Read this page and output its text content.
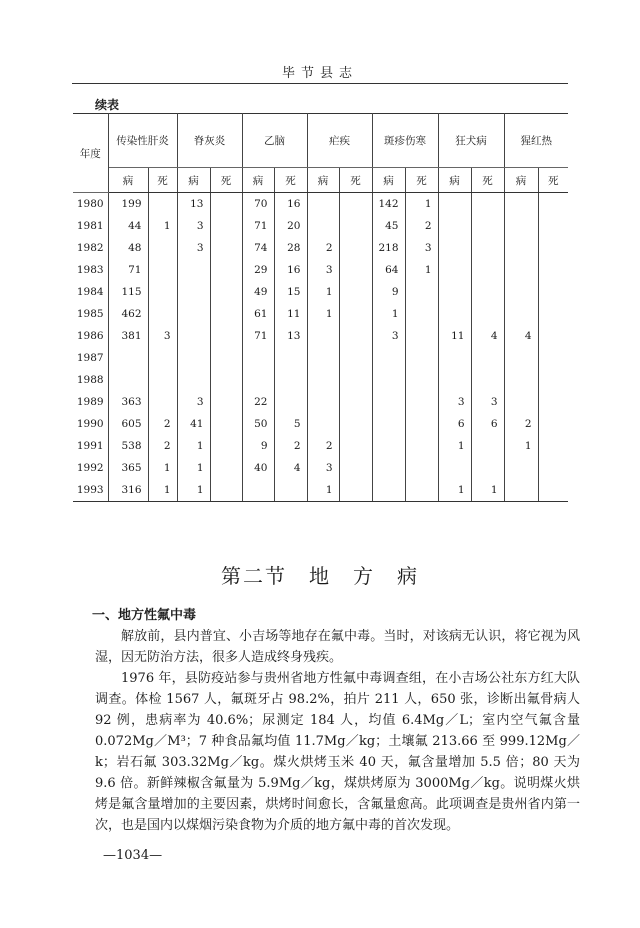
毕节县志
续表
年度	传染性肝炎		脊灰炎		乙脑		疟疾		斑疹伤寒		狂犬病		猩红热	
	病	死	病	死	病	死	病	死	病	死	病	死	病	死
1980	199		13		70	16			142	1				
1981	44	1	3		71	20			45	2				
1982	48		3		74	28	2		218	3				
1983	71				29	16	3		64	1				
1984	115				49	15	1		9					
1985	462				61	11	1		1					
1986	381	3			71	13			3		11	4	4	
1987														
1988														
1989	363		3		22						3	3		
1990	605	2	41		50	5					6	6	2	
1991	538	2	1		9	2	2				1		1	
1992	365	1	1		40	4	3							
1993	316	1	1				1				1	1		
第二节　地　方　病
一、地方性氟中毒
解放前，县内普宜、小吉场等地存在氟中毒。当时，对该病无认识，将它视为风湿，因无防治方法，很多人造成终身残疾。
1976 年，县防疫站参与贵州省地方性氟中毒调查组，在小吉场公社东方红大队调查。体检 1567 人，氟斑牙占 98.2%，拍片 211 人，650 张，诊断出氟骨病人 92 例，患病率为 40.6%；尿测定 184 人，均值 6.4Mg／L；室内空气氟含量 0.072Mg／M³；7 种食品氟均值 11.7Mg／kg；土壤氟 213.66 至 999.12Mg／k；岩石氟 303.32Mg／kg。煤火烘烤玉米 40 天，氟含量增加 5.5 倍；80 天为 9.6 倍。新鲜辣椒含氟量为 5.9Mg／kg，煤烘烤原为 3000Mg／kg。说明煤火烘烤是氟含量增加的主要因素，烘烤时间愈长，含氟量愈高。此项调查是贵州省内第一次，也是国内以煤烟污染食物为介质的地方氟中毒的首次发现。
—1034—
